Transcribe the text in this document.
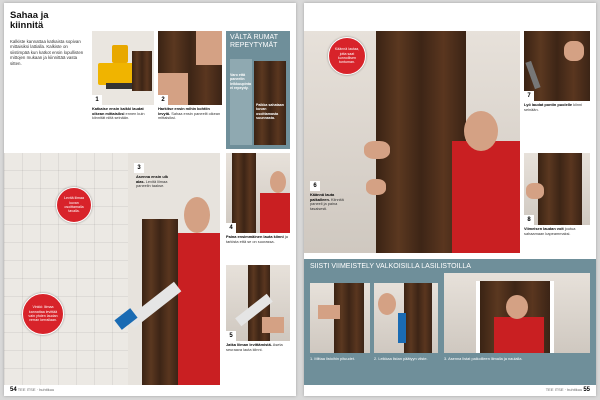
Sahaa ja kiinnitä
Kalkiste kannattaa katkaista sopivan mittaisiksi lattialla. Kalkiste on siistimpää kun katkot ensin lopullisten mittojen mukaan ja kiinnittää vasta sitten.
1	2
VÄLTÄ RUMAT REPEYTYMÄT
Varo että paneelin leikkuupinta ei repeydy.
Paikka sahataan kuvan osoittamasta suunnasta.
Katkaise ensin kaikki laudat oikean mittaisiksi ennen kuin kiinnität niitä seinään.
Harkitse ensin mihin kohtiin levytä. Sahaa ensin paneelit oikean mittaisiksi.
Levitä liimaa kuvan osoittamalla tavalla.
Vinkki: liimaa kannattaa levittää vain yhden laudan verran kerrallaan.
3
Asenna ensin ulk alas. Levitä liimaa paneelin taakse.
4
Paina ensimmäinen lauta kiinni ja tarkista että se on suorassa.
5
Jatka liiman levittämistä. Aseta seuraava lauta kiinni.
54 TEE ITSE · huhtikuu
Käännä lautaa, jotta saat kunnollisen tuntuman.
6
Käännä lauta paikalleen. Kiinnitä paneeli ja paina tasaisesti.
7
Lyö laudat pontin puolelle kiinni seinään.
8
Viimeisen laudan voit joutua sahaamaan kapeammaksi.
SIISTI VIIMEISTELY VALKOISILLA LASILISTOILLA
1. Mittaa listoihin pituudet.	2. Leikkaa listan päätyyn viiste.	3. Asenna listat paikoilleen liimalla ja naulalla.
TEE ITSE · huhtikuu 55
